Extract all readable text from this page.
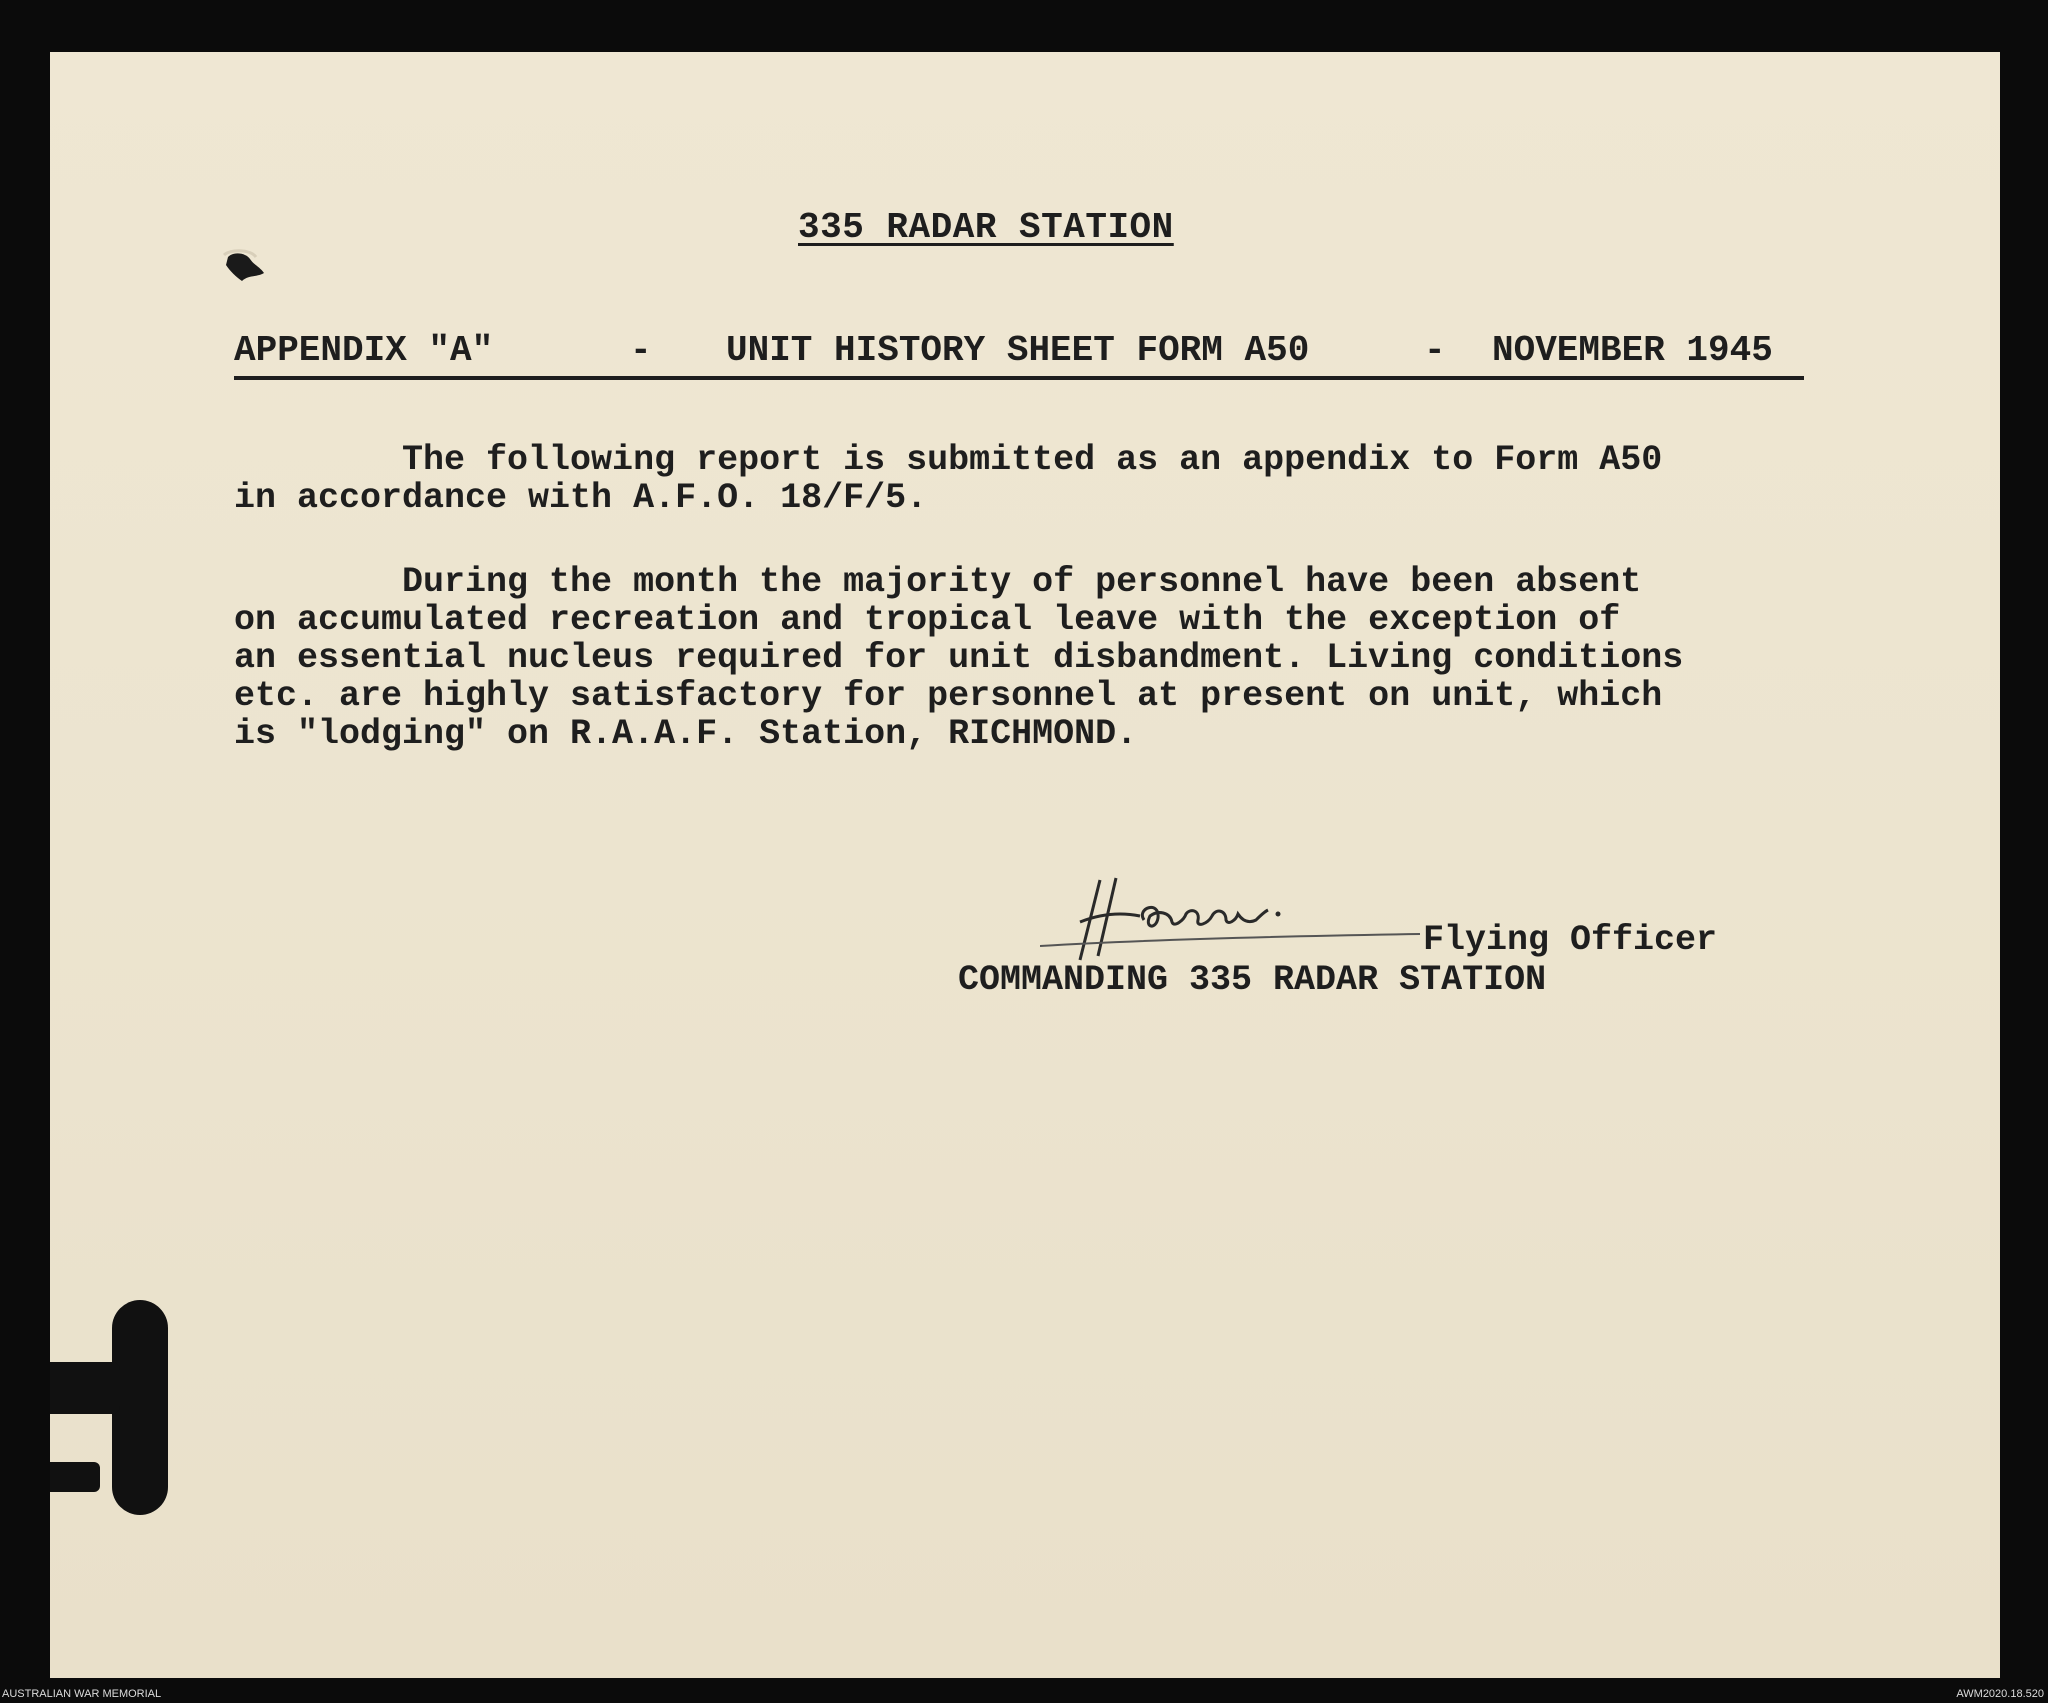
335 RADAR STATION

APPENDIX "A"	- UNIT HISTORY SHEET FORM A50	- NOVEMBER 1945

The following report is submitted as an appendix to Form A50
in accordance with A.F.O. 18/F/5.

During the month the majority of personnel have been absent
on accumulated recreation and tropical leave with the exception of
an essential nucleus required for unit disbandment. Living conditions
etc. are highly satisfactory for personnel at present on unit, which
is "lodging" on R.A.A.F. Station, RICHMOND.

Flying Officer

COMMANDING 335 RADAR STATION

AUSTRALIAN WAR MEMORIAL	AWM2020.18.520
